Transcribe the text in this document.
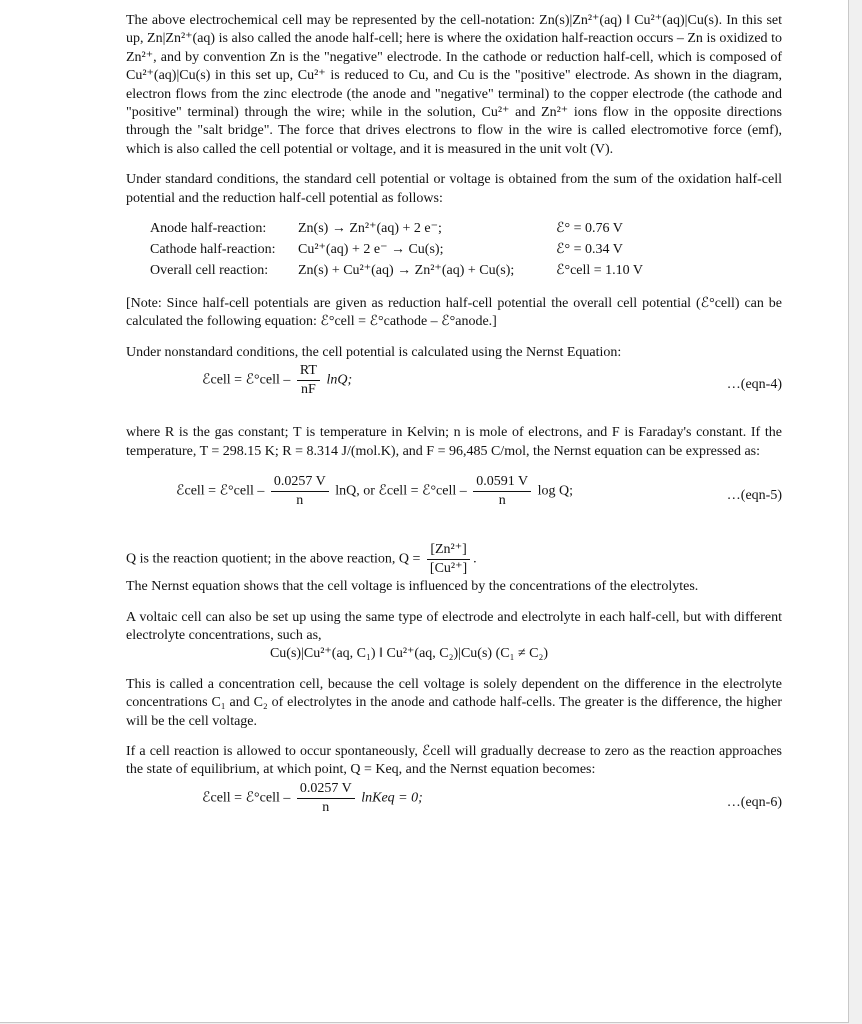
The above electrochemical cell may be represented by the cell-notation: Zn(s)|Zn²⁺(aq) ‖ Cu²⁺(aq)|Cu(s). In this set up, Zn|Zn²⁺(aq) is also called the anode half-cell; here is where the oxidation half-reaction occurs – Zn is oxidized to Zn²⁺, and by convention Zn is the "negative" electrode. In the cathode or reduction half-cell, which is composed of Cu²⁺(aq)|Cu(s) in this set up, Cu²⁺ is reduced to Cu, and Cu is the "positive" electrode. As shown in the diagram, electron flows from the zinc electrode (the anode and "negative" terminal) to the copper electrode (the cathode and "positive" terminal) through the wire; while in the solution, Cu²⁺ and Zn²⁺ ions flow in the opposite directions through the "salt bridge". The force that drives electrons to flow in the wire is called electromotive force (emf), which is also called the cell potential or voltage, and it is measured in the unit volt (V).

Under standard conditions, the standard cell potential or voltage is obtained from the sum of the oxidation half-cell potential and the reduction half-cell potential as follows:

Anode half-reaction:	Zn(s) → Zn²⁺(aq) + 2 e⁻;	ℰ° = 0.76 V
Cathode half-reaction:	Cu²⁺(aq) + 2 e⁻ → Cu(s);	ℰ° = 0.34 V
Overall cell reaction:	Zn(s) + Cu²⁺(aq) → Zn²⁺(aq) + Cu(s);	ℰ°cell = 1.10 V

[Note: Since half-cell potentials are given as reduction half-cell potential the overall cell potential (ℰ°cell) can be calculated the following equation: ℰ°cell = ℰ°cathode – ℰ°anode.]

Under nonstandard conditions, the cell potential is calculated using the Nernst Equation:

ℰcell = ℰ°cell – $\frac{RT}{nF} \ln Q$;	…(eqn-4)

where R is the gas constant; T is temperature in Kelvin; n is mole of electrons, and F is Faraday's constant. If the temperature, T = 298.15 K; R = 8.314 J/(mol.K), and F = 96,485 C/mol, the Nernst equation can be expressed as:

ℰcell = ℰ°cell – $\frac{0.0257 V}{n} \ln Q$, or ℰcell = ℰ°cell – $\frac{0.0591 V}{n}$ log Q;	…(eqn-5)

Q is the reaction quotient; in the above reaction, $Q = \frac{\text{[Zn²⁺]}}{\text{[Cu²⁺]}}$ .

The Nernst equation shows that the cell voltage is influenced by the concentrations of the electrolytes.

A voltaic cell can also be set up using the same type of electrode and electrolyte in each half-cell, but with different electrolyte concentrations, such as,

Cu(s)|Cu²⁺(aq, C₁) ‖ Cu²⁺(aq, C₂)|Cu(s) (C₁ ≠ C₂)

This is called a concentration cell, because the cell voltage is solely dependent on the difference in the electrolyte concentrations C₁ and C₂ of electrolytes in the anode and cathode half-cells. The greater is the difference, the higher will be the cell voltage.

If a cell reaction is allowed to occur spontaneously, ℰcell will gradually decrease to zero as the reaction approaches the state of equilibrium, at which point, Q = Keq, and the Nernst equation becomes:

ℰcell = ℰ°cell – $\frac{0.0257 V}{n}$ lnKeq = 0;	…(eqn-6)
